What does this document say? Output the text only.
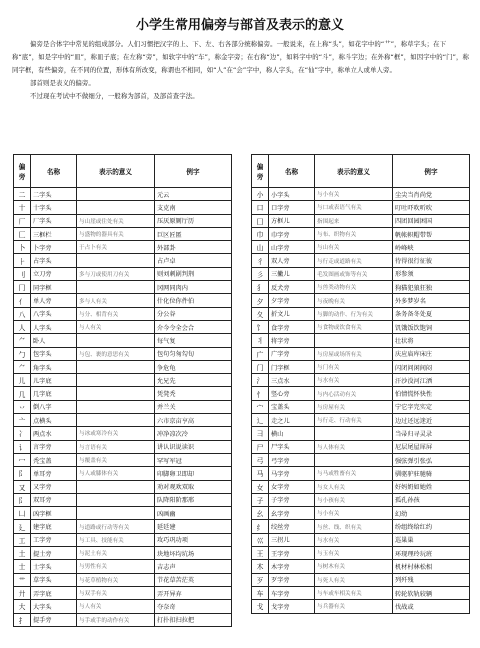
小学生常用偏旁与部首及表示的意义

偏旁是合体字中常见的组成部分。人们习惯把汉字的上、下、左、右各部分统称偏旁。一般说来，在上称“头”，如花字中的“艹”，称草字头；在下称“底”，如是字中的“皿”，称皿子底；在左称“旁”，如软字中的“车”，称金字旁；在右称“边”，如料字中的“斗”，称斗字边；在外称“框”，如因字中的“门”，称同字框，有些偏旁，在不同的位置，形体有所改变，称谓也不相同，如“人”在“会”字中，称人字头，在“仙”字中，称单立人或单人旁。

部首则是表义的偏旁。

不过现在考试中不做细分，一般称为部首，及部首查字法。

偏旁	名称	表示的意义	例字
二	二字头		元云
十	十字头		支克南
厂	厂字头	与山崖或住处有关	压厌原厕厅历
匚	三框栏	与盛物的器具有关	巨区匠匿
卜	卜字旁	于占卜有关	外部卦
⺊	占字头		占卢卓
刂	立刀旁	多与刀或使用刀有关	则刘刺剧判荆
冂	同字框		冈网同肉内
亻	单人旁	多与人有关	什化位你件伯
八	八字头	与分、相背有关	分公谷
人	人字头	与人有关	介今令全会合
⺈	卧人		每气复
勹	包字头	与包、裹的意思有关	包句匀匆勾旬
⺈	角字头		争危龟
儿	儿字底		允兄先
几	几字底		凭凳秃
丷	倒八字		并兰关
亠	点横头		六市京亩亨高
冫	两点水	与冰或寒冷有关	冲净凉次冷
讠	言字旁	与言语有关	讲认识说读识
冖	秃宝盖	与覆盖有关	罕写军冠
阝	单耳旁	与人或膝体有关	印脚卵卫即却
又	又字旁		劝对观欢双取
阝	双耳旁		队降阳阶那邢
凵	凶字框		凶画幽
廴	建字底	与道路或行动等有关	延廷建
工	工字旁	与工具、技能有关	攻巧巩功项
土	提土旁	与泥土有关	块地坏均坑场
士	士字头	与男性有关	吉志声
艹	草字头	与花草植物有关	节花草苦茫英
廾	弄字底	与双手有关	弄开异弃
大	大字头	与人有关	夺奈奇
扌	提手旁	与手或手的动作有关	打扑扣扫拉把
偏旁	名称	表示的意义	例字
小	小字头	与小有关	尘尖当肖尚党
口	口字旁	与口或表语气有关	叮吐吓吹听吹
囗	方框儿	指围起来	四团回园困国
巾	巾字旁	与布、织物有关	帆帐帜帽带帮
山	山字旁	与山有关	岭峰峡
彳	双人旁	与行走或道路有关	待得很行征彼
彡	三撇儿	毛发图画或饰等有关	形参须
犭	反犬旁	与兽类动物有关	狗猫犯狼狂独
夕	夕字旁	与夜晚有关	外多梦岁名
夂	折文儿	与脚的动作、行为有关	条务备冬处夏
饣	食字旁	与食物或饮食有关	饥饿饭饮饱饲
丬	将字旁		壮状将
广	广字旁	与房屋或场所有关	庆应庙库床庄
门	门字框	与门有关	闪闭问闲间闷
氵	三点水	与水有关	汗沙没河江洒
忄	竖心旁	与内心活动有关	怕情慌怀快性
宀	宝盖头	与房屋有关	宁它字完实定
辶	走之儿	与行走、行动有关	边过还远迷近
彐	横山		当帚归寻灵录
尸	尸字头	与人体有关	尼层尾屋犀屏
弓	弓字旁		强弦弹引张弘
马	马字旁	与马或牲畜有关	驯驱驴驻驰骑
女	女字旁	与女人有关	好妈奶如她姓
子	子字旁	与小孩有关	孤孔孙孩
幺	幺字旁	与小有关	幻幼
纟	绞丝旁	与丝、线、织有关	纷组终给红约
巛	三拐儿	与水有关	巡巢巢
王	王字旁	与玉有关	环现理玲玩班
木	木字旁	与树木有关	机材村林松相
歹	歹字旁	与死人有关	列歼残
车	车字旁	与车或车相关有关	转轮软轨较辆
戈	戈字旁	与兵器有关	伐战或
